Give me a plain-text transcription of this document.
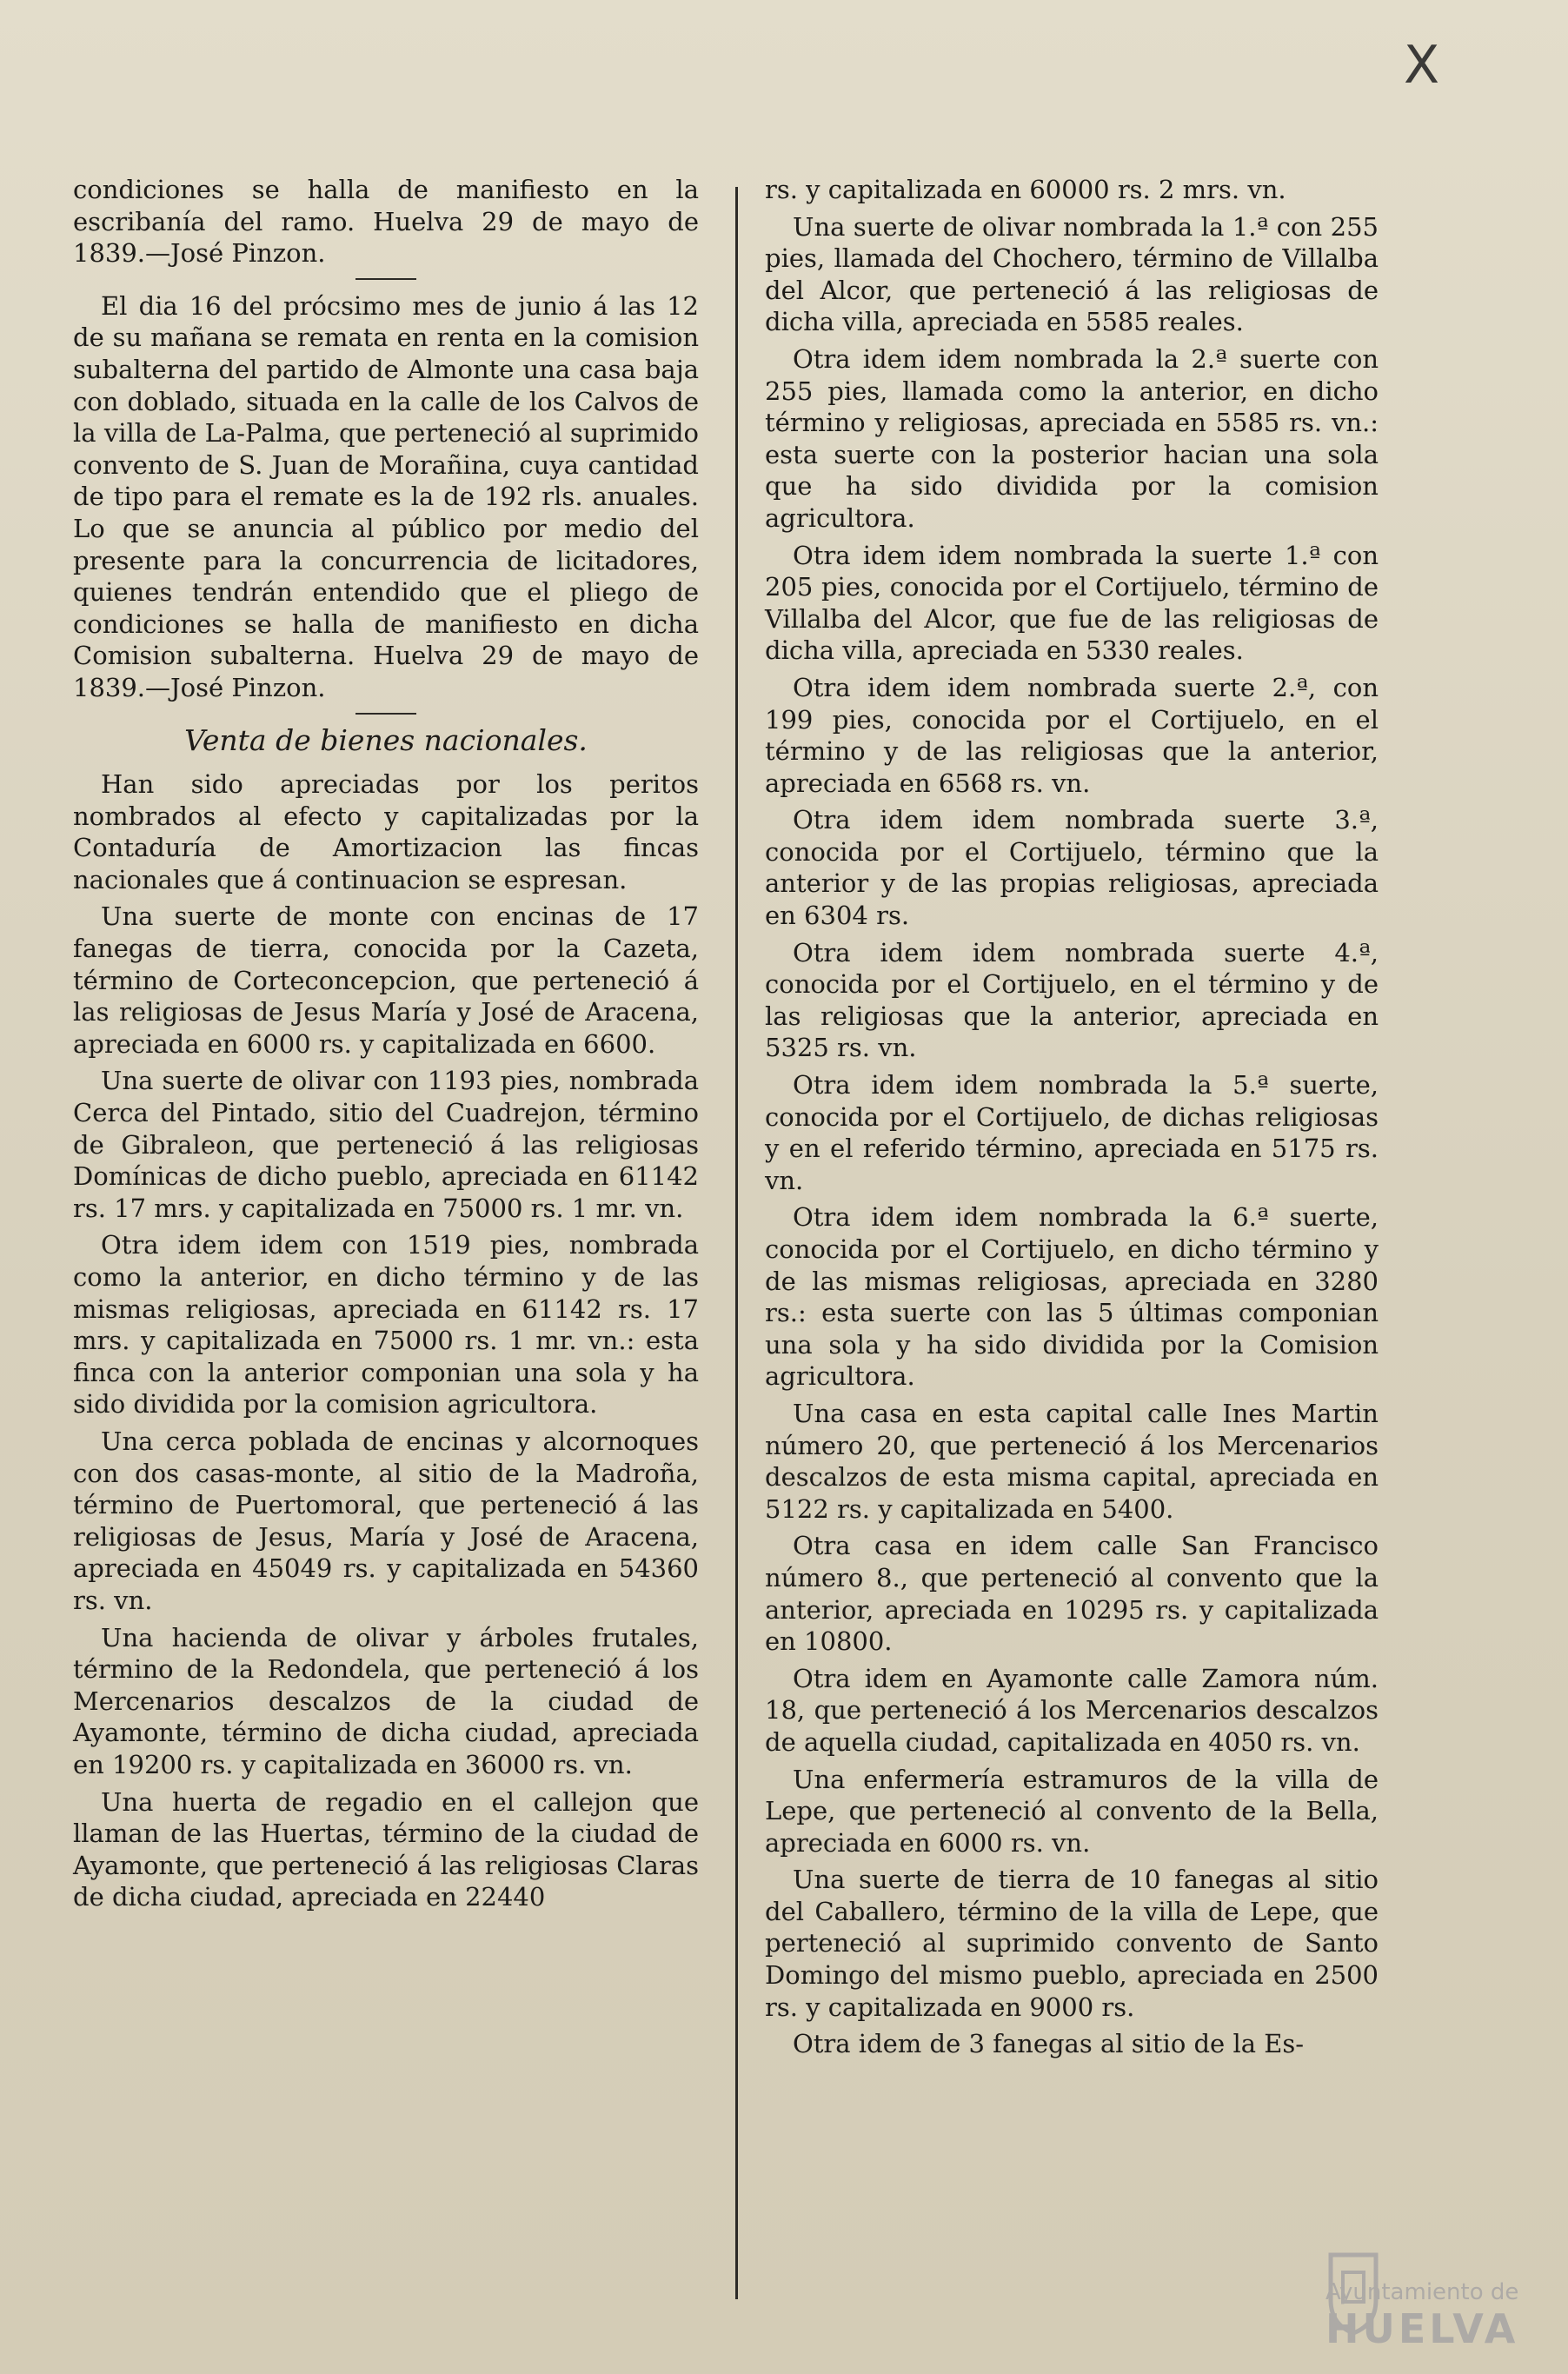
X

condiciones se halla de manifiesto en la escribanía del ramo. Huelva 29 de mayo de 1839.—José Pinzon.

El dia 16 del prócsimo mes de junio á las 12 de su mañana se remata en renta en la comision subalterna del partido de Almonte una casa baja con doblado, situada en la calle de los Calvos de la villa de La-Palma, que perteneció al suprimido convento de S. Juan de Morañina, cuya cantidad de tipo para el remate es la de 192 rls. anuales. Lo que se anuncia al público por medio del presente para la concurrencia de licitadores, quienes tendrán entendido que el pliego de condiciones se halla de manifiesto en dicha Comision subalterna. Huelva 29 de mayo de 1839.—José Pinzon.

Venta de bienes nacionales.

Han sido apreciadas por los peritos nombrados al efecto y capitalizadas por la Contaduría de Amortizacion las fincas nacionales que á continuacion se espresan.

Una suerte de monte con encinas de 17 fanegas de tierra, conocida por la Cazeta, término de Corteconcepcion, que perteneció á las religiosas de Jesus María y José de Aracena, apreciada en 6000 rs. y capitalizada en 6600.

Una suerte de olivar con 1193 pies, nombrada Cerca del Pintado, sitio del Cuadrejon, término de Gibraleon, que perteneció á las religiosas Domínicas de dicho pueblo, apreciada en 61142 rs. 17 mrs. y capitalizada en 75000 rs. 1 mr. vn.

Otra idem idem con 1519 pies, nombrada como la anterior, en dicho término y de las mismas religiosas, apreciada en 61142 rs. 17 mrs. y capitalizada en 75000 rs. 1 mr. vn.: esta finca con la anterior componian una sola y ha sido dividida por la comision agricultora.

Una cerca poblada de encinas y alcornoques con dos casas-monte, al sitio de la Madroña, término de Puertomoral, que perteneció á las religiosas de Jesus, María y José de Aracena, apreciada en 45049 rs. y capitalizada en 54360 rs. vn.

Una hacienda de olivar y árboles frutales, término de la Redondela, que perteneció á los Mercenarios descalzos de la ciudad de Ayamonte, término de dicha ciudad, apreciada en 19200 rs. y capitalizada en 36000 rs. vn.

Una huerta de regadio en el callejon que llaman de las Huertas, término de la ciudad de Ayamonte, que perteneció á las religiosas Claras de dicha ciudad, apreciada en 22440

rs. y capitalizada en 60000 rs. 2 mrs. vn.

Una suerte de olivar nombrada la 1.ª con 255 pies, llamada del Chochero, término de Villalba del Alcor, que perteneció á las religiosas de dicha villa, apreciada en 5585 reales.

Otra idem idem nombrada la 2.ª suerte con 255 pies, llamada como la anterior, en dicho término y religiosas, apreciada en 5585 rs. vn.: esta suerte con la posterior hacian una sola que ha sido dividida por la comision agricultora.

Otra idem idem nombrada la suerte 1.ª con 205 pies, conocida por el Cortijuelo, término de Villalba del Alcor, que fue de las religiosas de dicha villa, apreciada en 5330 reales.

Otra idem idem nombrada suerte 2.ª, con 199 pies, conocida por el Cortijuelo, en el término y de las religiosas que la anterior, apreciada en 6568 rs. vn.

Otra idem idem nombrada suerte 3.ª, conocida por el Cortijuelo, término que la anterior y de las propias religiosas, apreciada en 6304 rs.

Otra idem idem nombrada suerte 4.ª, conocida por el Cortijuelo, en el término y de las religiosas que la anterior, apreciada en 5325 rs. vn.

Otra idem idem nombrada la 5.ª suerte, conocida por el Cortijuelo, de dichas religiosas y en el referido término, apreciada en 5175 rs. vn.

Otra idem idem nombrada la 6.ª suerte, conocida por el Cortijuelo, en dicho término y de las mismas religiosas, apreciada en 3280 rs.: esta suerte con las 5 últimas componian una sola y ha sido dividida por la Comision agricultora.

Una casa en esta capital calle Ines Martin número 20, que perteneció á los Mercenarios descalzos de esta misma capital, apreciada en 5122 rs. y capitalizada en 5400.

Otra casa en idem calle San Francisco número 8., que perteneció al convento que la anterior, apreciada en 10295 rs. y capitalizada en 10800.

Otra idem en Ayamonte calle Zamora núm. 18, que perteneció á los Mercenarios descalzos de aquella ciudad, capitalizada en 4050 rs. vn.

Una enfermería estramuros de la villa de Lepe, que perteneció al convento de la Bella, apreciada en 6000 rs. vn.

Una suerte de tierra de 10 fanegas al sitio del Caballero, término de la villa de Lepe, que perteneció al suprimido convento de Santo Domingo del mismo pueblo, apreciada en 2500 rs. y capitalizada en 9000 rs.

Otra idem de 3 fanegas al sitio de la Es-

Ayuntamiento de
HUELVA
